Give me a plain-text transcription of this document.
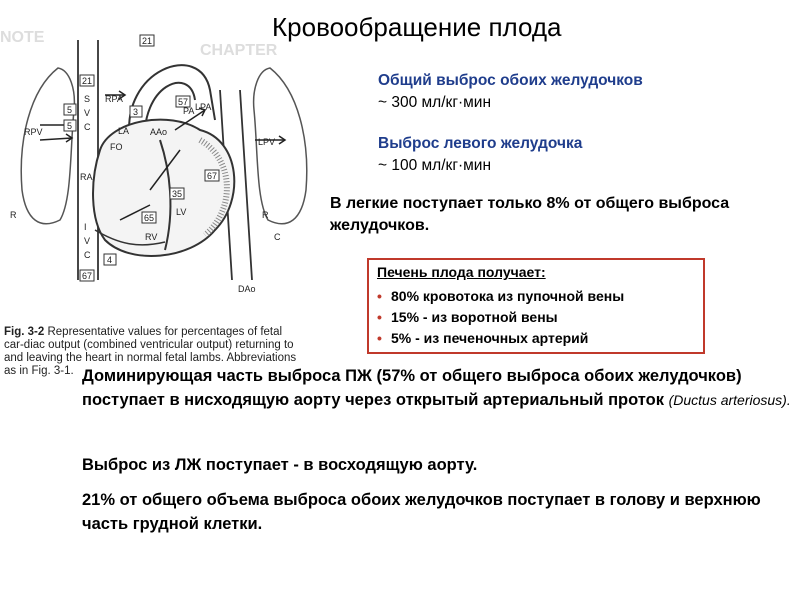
Кровообращение плода
CHAPTER
NOTE
21
21
S
V
C
RPA
5
5
3
RPV
FO
RA
LA AAo
57
PA LPA
LPV
67
35
65
RV
LV
I
V
C
67
4
DAo
C
R
R
Fig. 3-2 Representative values for percentages of fetal car-diac output (combined ventricular output) returning to and leaving the heart in normal fetal lambs. Abbreviations as in Fig. 3-1.
Общий выброс обоих желудочков
~ 300 мл/кг·мин
Выброс левого желудочка
~ 100 мл/кг·мин
В легкие поступает только 8% от общего выброса желудочков.
Печень плода получает:
• 80% кровотока из пупочной вены
• 15% - из воротной вены
• 5% - из печеночных артерий

Доминирующая часть выброса ПЖ (57% от общего выброса обоих желудочков) поступает в нисходящую аорту через открытый артериальный проток (Ductus arteriosus).

Выброс из ЛЖ поступает - в восходящую аорту.

21% от общего объема выброса обоих желудочков поступает в голову и верхнюю часть грудной клетки.
